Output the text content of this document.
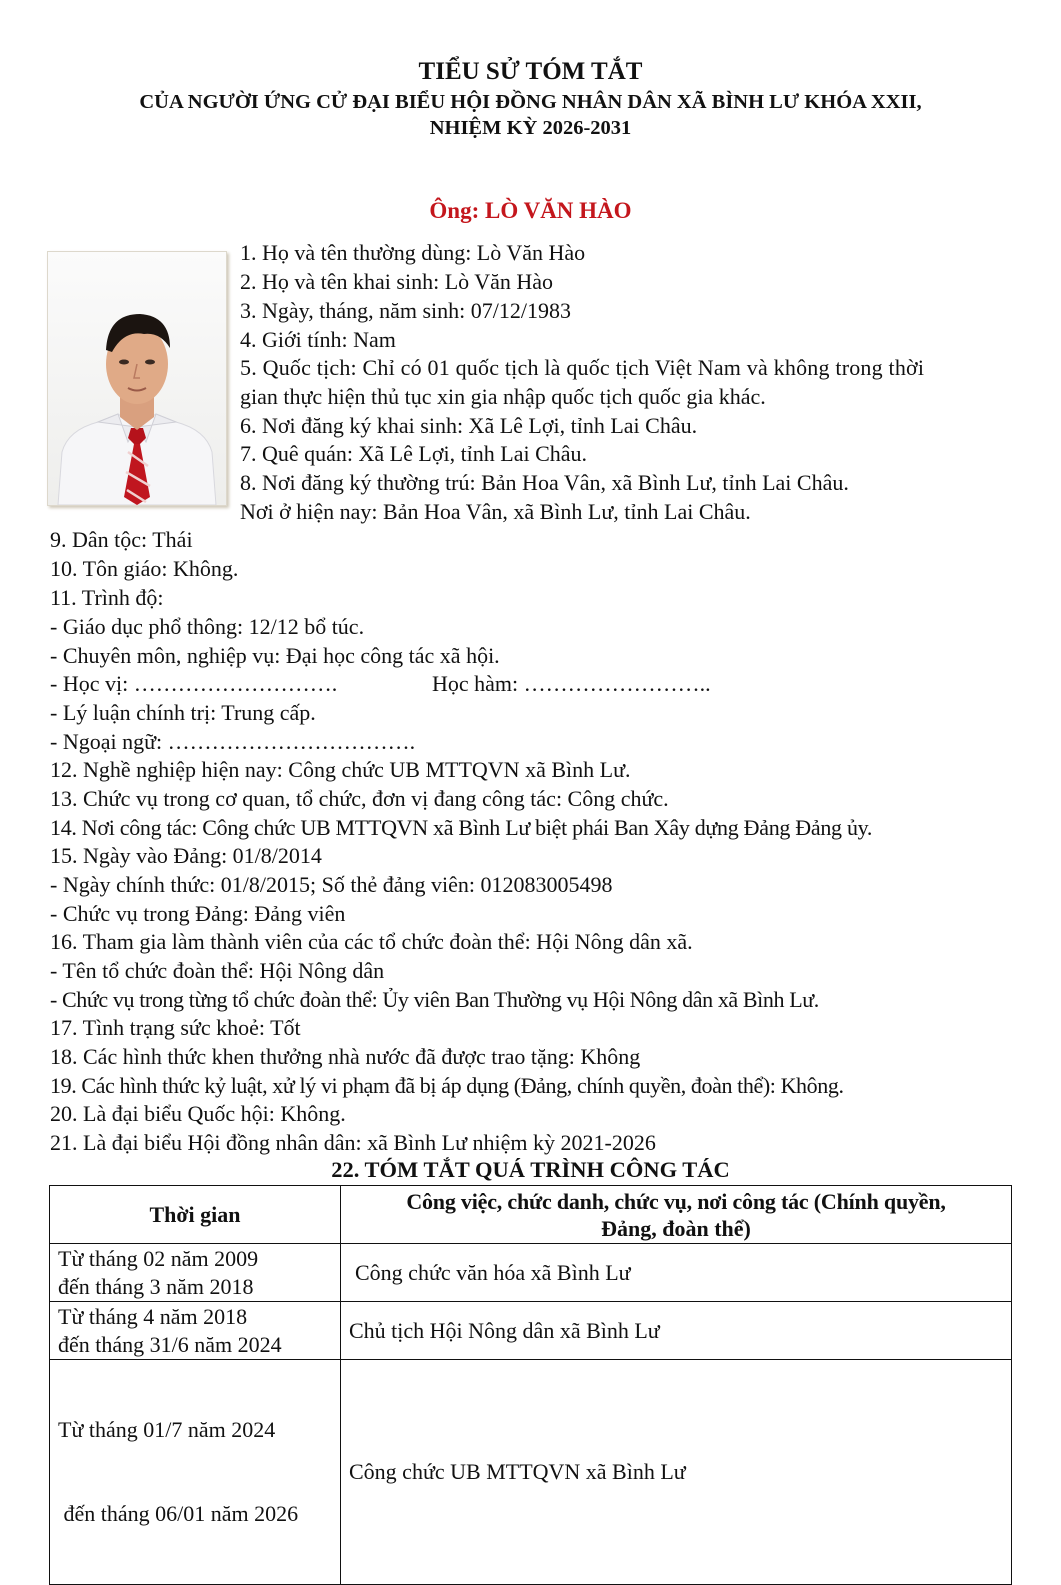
TIỂU SỬ TÓM TẮT
CỦA NGƯỜI ỨNG CỬ ĐẠI BIỂU HỘI ĐỒNG NHÂN DÂN XÃ BÌNH LƯ KHÓA XXII,
NHIỆM KỲ 2026-2031
Ông: LÒ VĂN HÀO
1. Họ và tên thường dùng: Lò Văn Hào
2. Họ và tên khai sinh: Lò Văn Hào
3. Ngày, tháng, năm sinh: 07/12/1983
4. Giới tính: Nam
5. Quốc tịch: Chỉ có 01 quốc tịch là quốc tịch Việt Nam và không trong thời
gian thực hiện thủ tục xin gia nhập quốc tịch quốc gia khác.
6. Nơi đăng ký khai sinh: Xã Lê Lợi, tỉnh Lai Châu.
7. Quê quán: Xã Lê Lợi, tỉnh Lai Châu.
8. Nơi đăng ký thường trú: Bản Hoa Vân, xã Bình Lư, tỉnh Lai Châu.
Nơi ở hiện nay: Bản Hoa Vân, xã Bình Lư, tỉnh Lai Châu.
9. Dân tộc: Thái
10. Tôn giáo: Không.
11. Trình độ:
- Giáo dục phổ thông: 12/12 bổ túc.
- Chuyên môn, nghiệp vụ: Đại học công tác xã hội.
- Học vị: ……………………….	Học hàm: ……………………..
- Lý luận chính trị: Trung cấp.
- Ngoại ngữ: …………………………….
12. Nghề nghiệp hiện nay: Công chức UB MTTQVN xã Bình Lư.
13. Chức vụ trong cơ quan, tổ chức, đơn vị đang công tác: Công chức.
14. Nơi công tác: Công chức UB MTTQVN xã Bình Lư biệt phái Ban Xây dựng Đảng Đảng ủy.
15. Ngày vào Đảng: 01/8/2014
- Ngày chính thức: 01/8/2015; Số thẻ đảng viên: 012083005498
- Chức vụ trong Đảng: Đảng viên
16. Tham gia làm thành viên của các tổ chức đoàn thể: Hội Nông dân xã.
- Tên tổ chức đoàn thể: Hội Nông dân
- Chức vụ trong từng tổ chức đoàn thể: Ủy viên Ban Thường vụ Hội Nông dân xã Bình Lư.
17. Tình trạng sức khoẻ: Tốt
18. Các hình thức khen thưởng nhà nước đã được trao tặng: Không
19. Các hình thức kỷ luật, xử lý vi phạm đã bị áp dụng (Đảng, chính quyền, đoàn thể): Không.
20. Là đại biểu Quốc hội: Không.
21. Là đại biểu Hội đồng nhân dân: xã Bình Lư nhiệm kỳ 2021-2026
22. TÓM TẮT QUÁ TRÌNH CÔNG TÁC
Thời gian	Công việc, chức danh, chức vụ, nơi công tác (Chính quyền,
Đảng, đoàn thể)

Từ tháng 02 năm 2009
đến tháng 3 năm 2018	Công chức văn hóa xã Bình Lư

Từ tháng 4 năm 2018
đến tháng 31/6 năm 2024	Chủ tịch Hội Nông dân xã Bình Lư

Từ tháng 01/7 năm 2024

đến tháng 06/01 năm 2026	Công chức UB MTTQVN xã Bình Lư
